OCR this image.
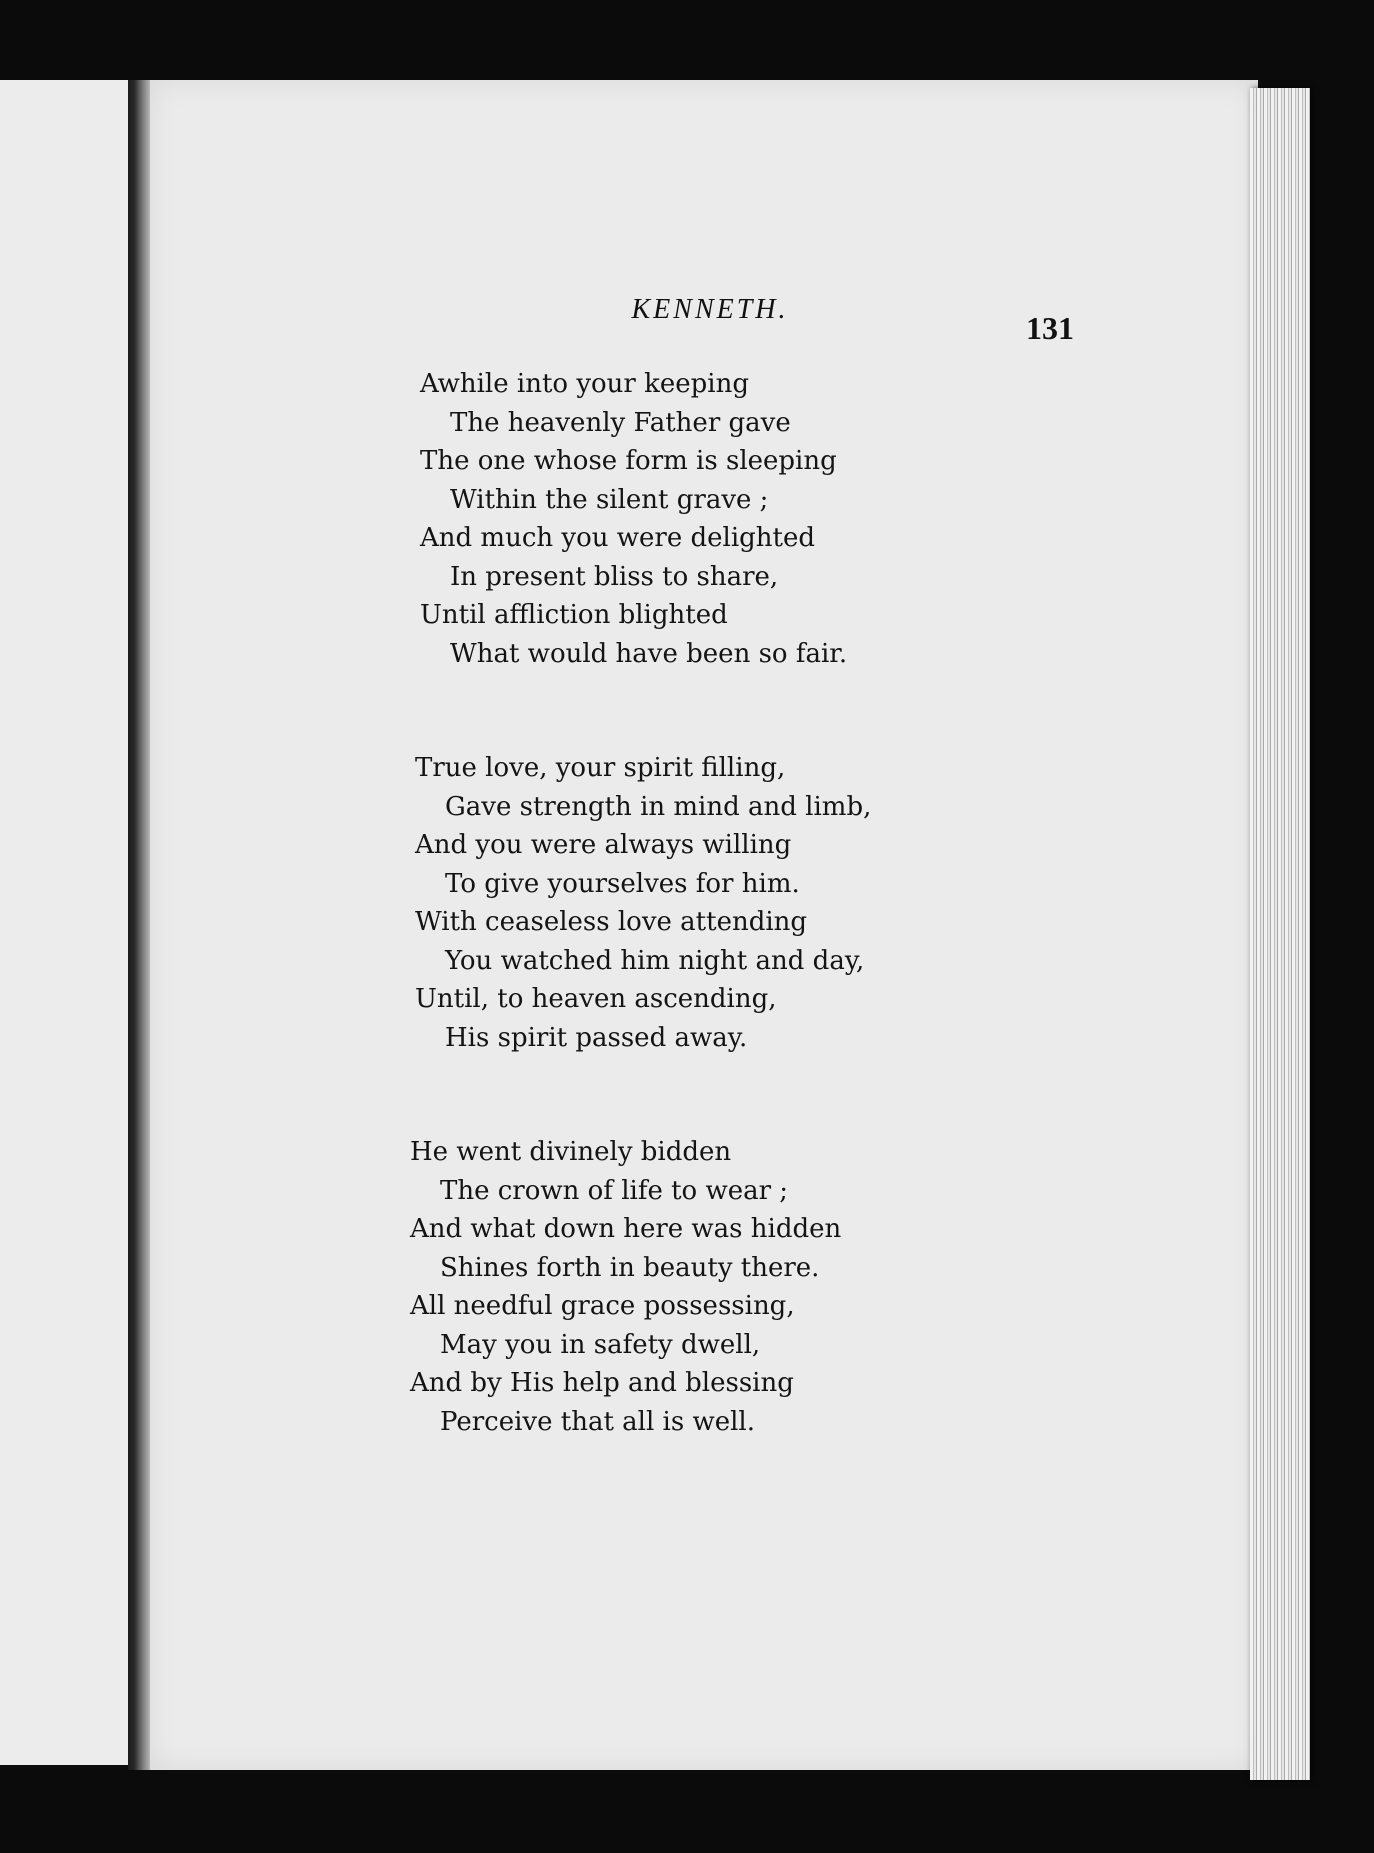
KENNETH.
131
Awhile into your keeping
The heavenly Father gave
The one whose form is sleeping
Within the silent grave ;
And much you were delighted
In present bliss to share,
Until affliction blighted
What would have been so fair.
True love, your spirit filling,
Gave strength in mind and limb,
And you were always willing
To give yourselves for him.
With ceaseless love attending
You watched him night and day,
Until, to heaven ascending,
His spirit passed away.
He went divinely bidden
The crown of life to wear ;
And what down here was hidden
Shines forth in beauty there.
All needful grace possessing,
May you in safety dwell,
And by His help and blessing
Perceive that all is well.
